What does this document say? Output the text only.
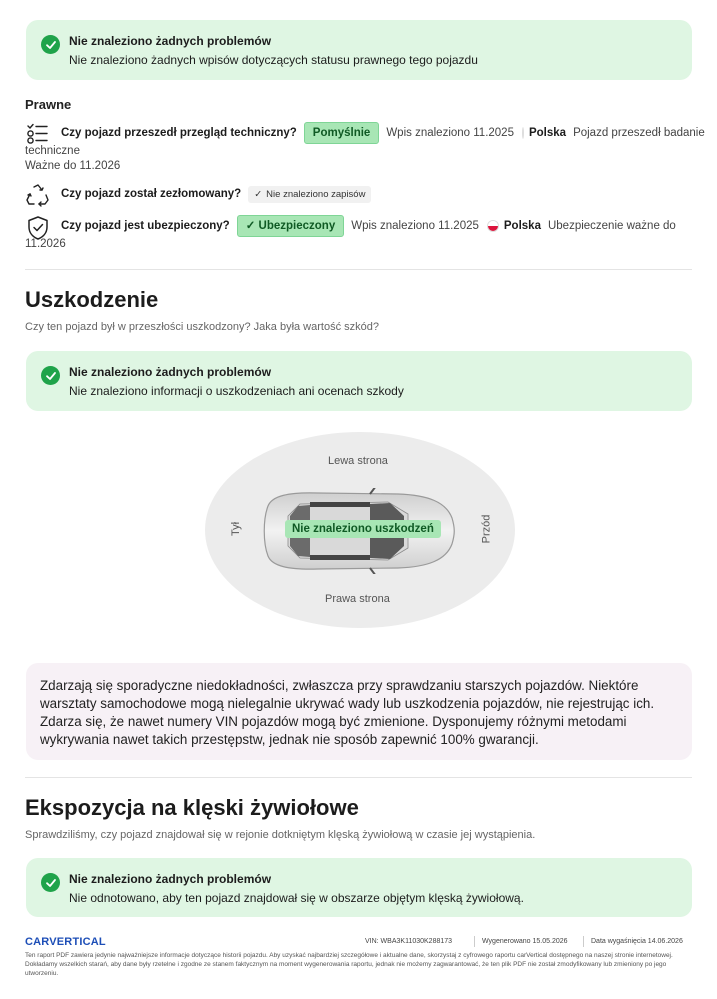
Nie znaleziono żadnych problemów
Nie znaleziono żadnych wpisów dotyczących statusu prawnego tego pojazdu
Prawne
Czy pojazd przeszedł przegląd techniczny?	Pomyślnie	Wpis znaleziono 11.2025 Polska Pojazd przeszedł badanie
techniczne
Ważne do 11.2026
Czy pojazd został zezłomowany? ✓ Nie znaleziono zapisów
Czy pojazd jest ubezpieczony?	✓ Ubezpieczony	Wpis znaleziono 11.2025 Polska Ubezpieczenie ważne do
11.2026
Uszkodzenie
Czy ten pojazd był w przeszłości uszkodzony? Jaka była wartość szkód?
Nie znaleziono żadnych problemów
Nie znaleziono informacji o uszkodzeniach ani ocenach szkody
Lewa strona
Prawa strona
Tył	Przód
Nie znaleziono uszkodzeń
Zdarzają się sporadyczne niedokładności, zwłaszcza przy sprawdzaniu starszych pojazdów. Niektóre warsztaty samochodowe mogą nielegalnie ukrywać wady lub uszkodzenia pojazdów, nie rejestrując ich. Zdarza się, że nawet numery VIN pojazdów mogą być zmienione. Dysponujemy różnymi metodami wykrywania nawet takich przestępstw, jednak nie sposób zapewnić 100% gwarancji.
Ekspozycja na klęski żywiołowe
Sprawdziliśmy, czy pojazd znajdował się w rejonie dotkniętym klęską żywiołową w czasie jej wystąpienia.
Nie znaleziono żadnych problemów
Nie odnotowano, aby ten pojazd znajdował się w obszarze objętym klęską żywiołową.
CARVERTICAL	VIN: WBA3K11030K288173	Wygenerowano 15.05.2026	Data wygaśnięcia 14.06.2026
Ten raport PDF zawiera jedynie najważniejsze informacje dotyczące historii pojazdu. Aby uzyskać najbardziej szczegółowe i aktualne dane, skorzystaj z cyfrowego raportu carVertical dostępnego na naszej stronie internetowej. Dokładamy wszelkich starań, aby dane były rzetelne i zgodne ze stanem faktycznym na moment wygenerowania raportu, jednak nie możemy zagwarantować, że ten plik PDF nie został zmodyfikowany lub zmieniony po jego utworzeniu.
